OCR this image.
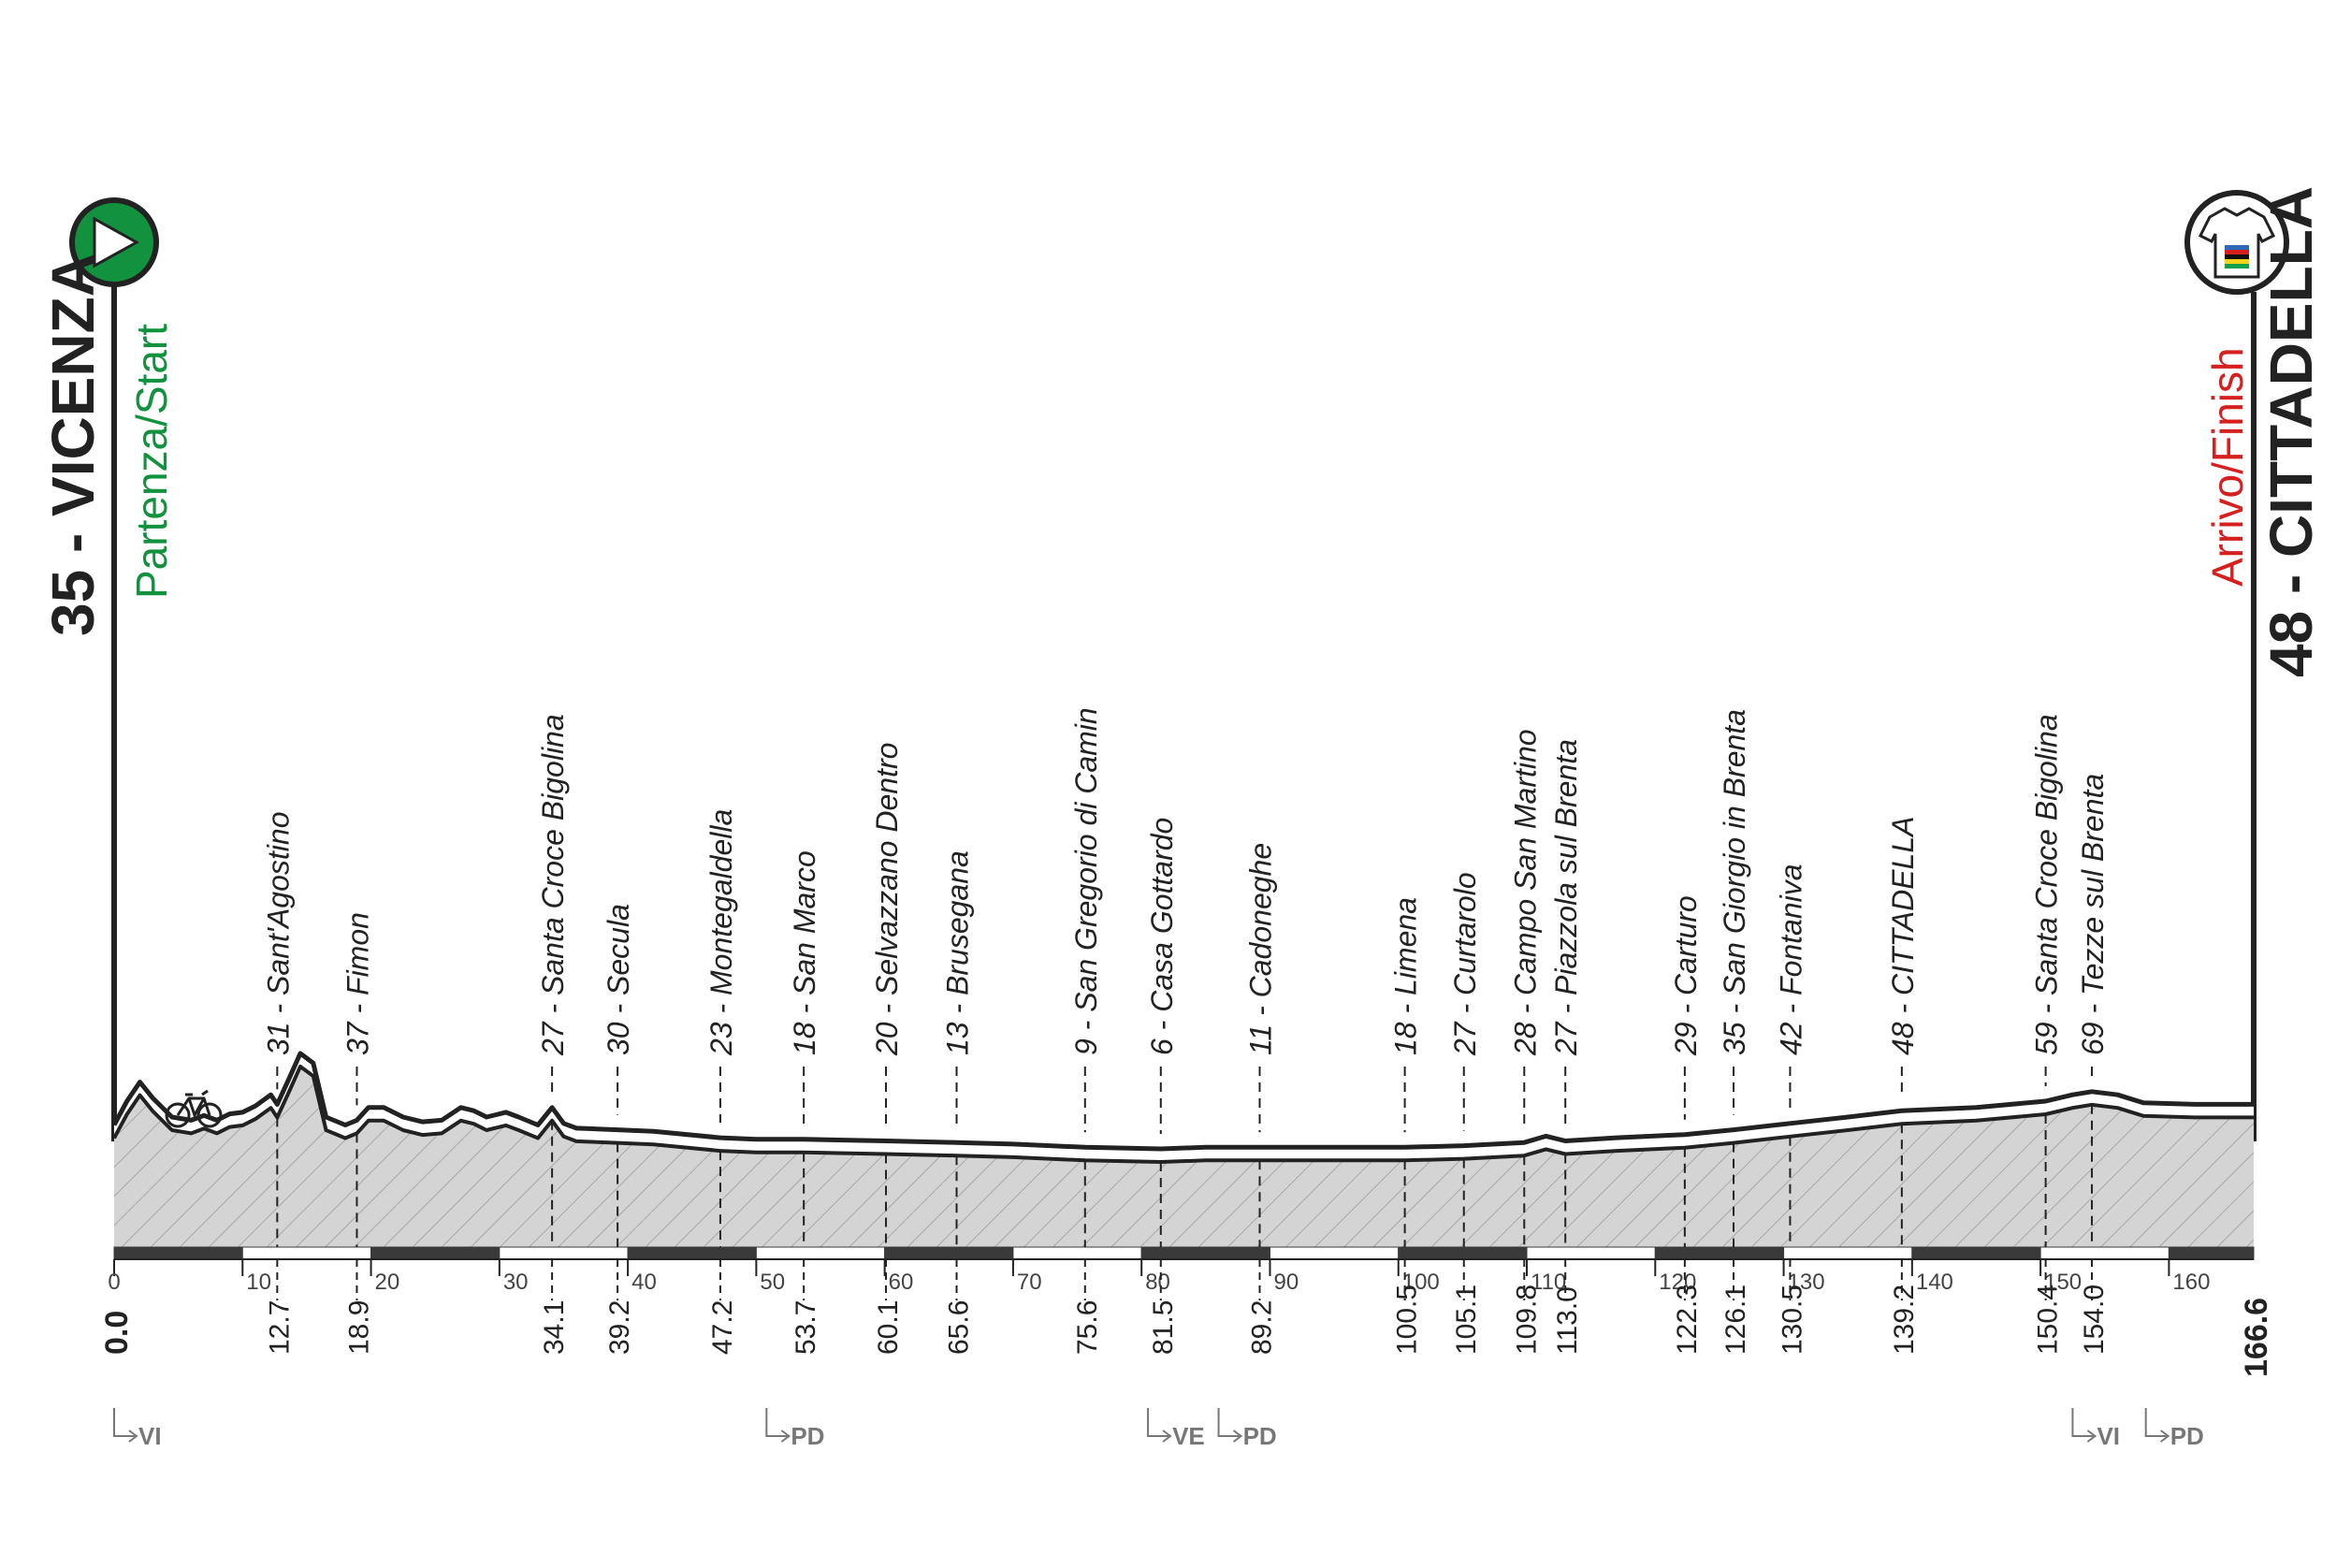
35 - VICENZA Partenza/Start	48 - CITTADELLA
Arrivo/Finish
0	10	20	30	40	50	60	70	80	90	100	110	120	130	140	150	160
0.0	166.6
31 - Sant'Agostino
12.7
37 - Fimon
18.9
27 - Santa Croce Bigolina
34.1
30 - Secula
39.2
23 - Montegaldella
47.2
18 - San Marco
53.7
20 - Selvazzano Dentro
60.1
13 - Brusegana
65.6
9 - San Gregorio di Camin
75.6
6 - Casa Gottardo
81.5
11 - Cadoneghe
89.2
18 - Limena
100.5
27 - Curtarolo
105.1
28 - Campo San Martino
109.8
27 - Piazzola sul Brenta
113.0
29 - Carturo
122.3
35 - San Giorgio in Brenta
126.1
42 - Fontaniva
130.5
48 - CITTADELLA
139.2
59 - Santa Croce Bigolina
150.4
69 - Tezze sul Brenta
154.0
VI	PD	VE PD	VI PD
